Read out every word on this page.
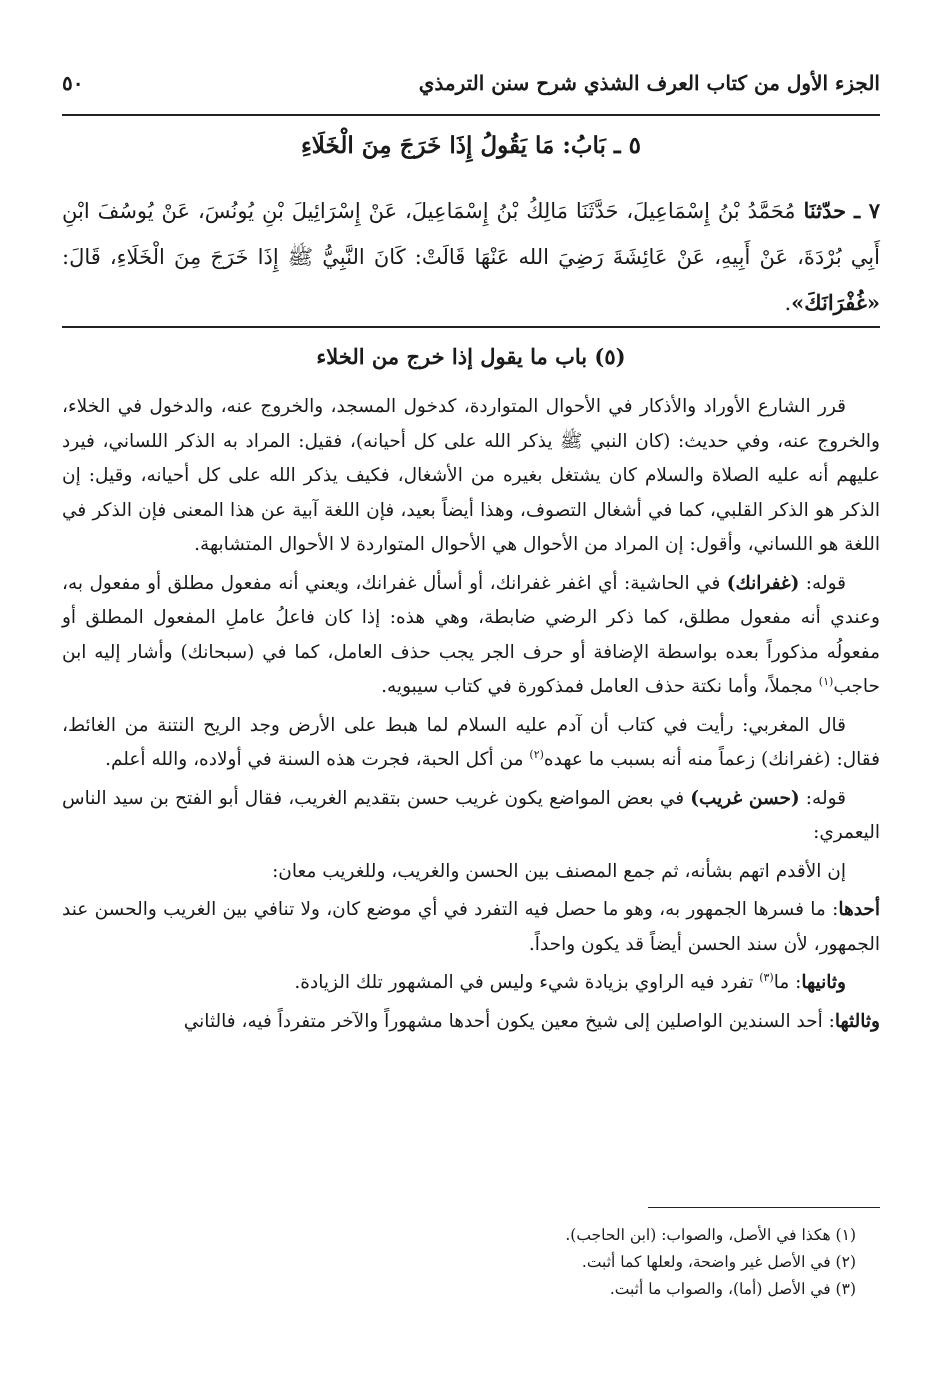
الجزء الأول من كتاب العرف الشذي شرح سنن الترمذي
٥٠
٥ ـ بَابُ: مَا يَقُولُ إِذَا خَرَجَ مِنَ الْخَلَاءِ
٧ ـ حدّثنَا مُحَمَّدُ بْنُ إِسْمَاعِيلَ، حَدَّثَنَا مَالِكُ بْنُ إِسْمَاعِيلَ، عَنْ إِسْرَائِيلَ بْنِ يُونُسَ، عَنْ يُوسُفَ ابْنِ أَبِي بُرْدَةَ، عَنْ أَبِيهِ، عَنْ عَائِشَةَ رَضِيَ الله عَنْهَا قَالَتْ: كَانَ النَّبِيُّ ﷺ إِذَا خَرَجَ مِنَ الْخَلَاءِ، قَالَ: «غُفْرَانَكَ».
(٥) باب ما يقول إذا خرج من الخلاء

قرر الشارع الأوراد والأذكار في الأحوال المتواردة، كدخول المسجد، والخروج عنه، والدخول في الخلاء، والخروج عنه، وفي حديث: (كان النبي ﷺ يذكر الله على كل أحيانه)، فقيل: المراد به الذكر اللساني، فيرد عليهم أنه عليه الصلاة والسلام كان يشتغل بغيره من الأشغال، فكيف يذكر الله على كل أحيانه، وقيل: إن الذكر هو الذكر القلبي، كما في أشغال التصوف، وهذا أيضاً بعيد، فإن اللغة آبية عن هذا المعنى فإن الذكر في اللغة هو اللساني، وأقول: إن المراد من الأحوال هي الأحوال المتواردة لا الأحوال المتشابهة.

قوله: (غفرانك) في الحاشية: أي اغفر غفرانك، أو أسأل غفرانك، ويعني أنه مفعول مطلق أو مفعول به، وعندي أنه مفعول مطلق، كما ذكر الرضي ضابطة، وهي هذه: إذا كان فاعلُ عاملِ المفعول المطلق أو مفعولُه مذكوراً بعده بواسطة الإضافة أو حرف الجر يجب حذف العامل، كما في (سبحانك) وأشار إليه ابن حاجب$^{(١)}$ مجملاً، وأما نكتة حذف العامل فمذكورة في كتاب سيبويه.

قال المغربي: رأيت في كتاب أن آدم عليه السلام لما هبط على الأرض وجد الريح النتنة من الغائط، فقال: (غفرانك) زعماً منه أنه بسبب ما عهده$^{(٢)}$ من أكل الحبة، فجرت هذه السنة في أولاده، والله أعلم.

قوله: (حسن غريب) في بعض المواضع يكون غريب حسن بتقديم الغريب، فقال أبو الفتح بن سيد الناس اليعمري:

إن الأقدم اتهم بشأنه، ثم جمع المصنف بين الحسن والغريب، وللغريب معان:

أحدها: ما فسرها الجمهور به، وهو ما حصل فيه التفرد في أي موضع كان، ولا تنافي بين الغريب والحسن عند الجمهور، لأن سند الحسن أيضاً قد يكون واحداً.

وثانيها: ما$^{(٣)}$ تفرد فيه الراوي بزيادة شيء وليس في المشهور تلك الزيادة.

وثالثها: أحد السندين الواصلين إلى شيخ معين يكون أحدها مشهوراً والآخر متفرداً فيه، فالثاني

(١) هكذا في الأصل، والصواب: (ابن الحاجب).
(٢) في الأصل غير واضحة، ولعلها كما أثبت.
(٣) في الأصل (أما)، والصواب ما أثبت.
